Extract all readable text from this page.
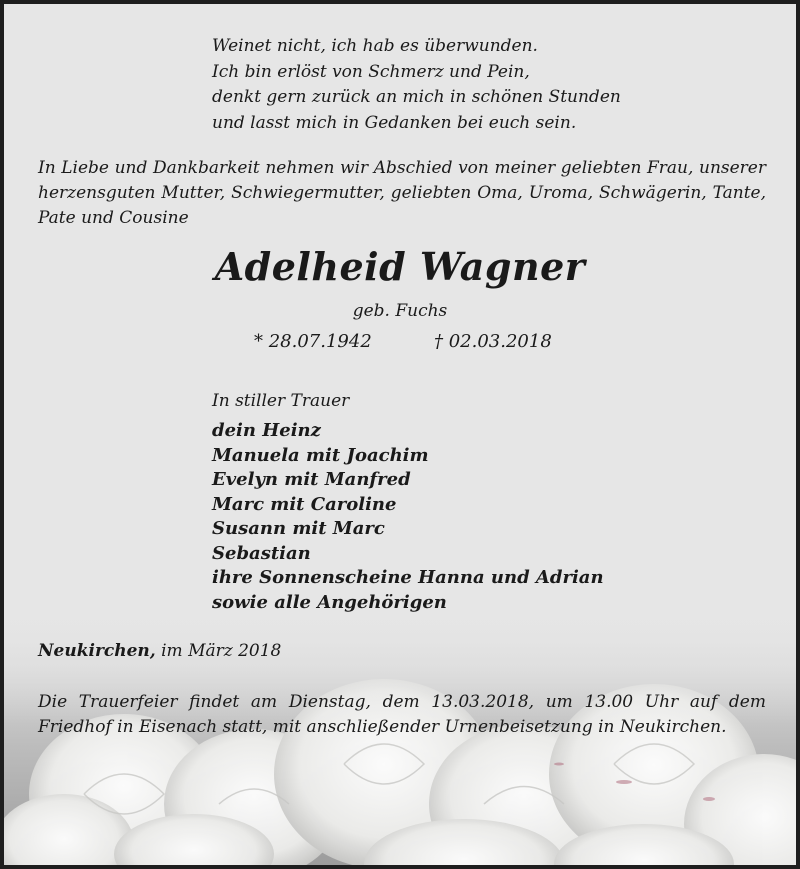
Weinet nicht, ich hab es überwunden.
Ich bin erlöst von Schmerz und Pein,
denkt gern zurück an mich in schönen Stunden
und lasst mich in Gedanken bei euch sein.
In Liebe und Dankbarkeit nehmen wir Abschied von meiner geliebten Frau, unserer herzensguten Mutter, Schwiegermutter, geliebten Oma, Uroma, Schwägerin, Tante, Pate und Cousine
Adelheid Wagner
geb. Fuchs
* 28.07.1942	† 02.03.2018
In stiller Trauer
dein Heinz
Manuela mit Joachim
Evelyn mit Manfred
Marc mit Caroline
Susann mit Marc
Sebastian
ihre Sonnenscheine Hanna und Adrian
sowie alle Angehörigen
Neukirchen, im März 2018
Die Trauerfeier findet am Dienstag, dem 13.03.2018, um 13.00 Uhr auf dem Friedhof in Eisenach statt, mit anschließender Urnenbeisetzung in Neukirchen.
